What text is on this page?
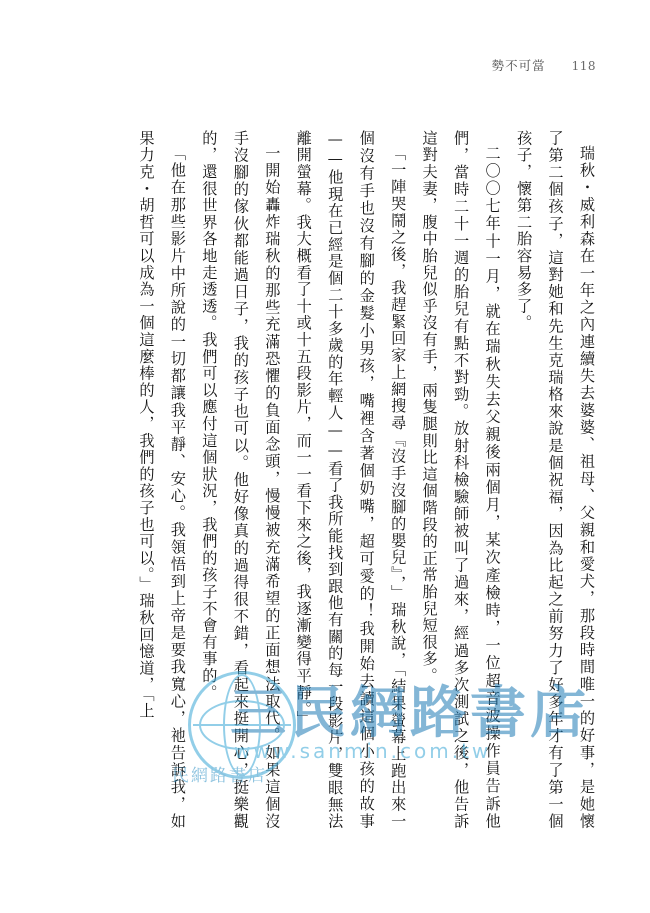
勢不可當 118

瑞秋・威利森在一年之內連續失去婆婆、祖母、父親和愛犬，那段時間唯一的好事，是她懷了第二個孩子，這對她和先生克瑞格來說是個祝福，因為比起之前努力了好多年才有了第一個孩子，懷第二胎容易多了。

二〇〇七年十一月，就在瑞秋失去父親後兩個月，某次產檢時，一位超音波操作員告訴他們，當時二十一週的胎兒有點不對勁。放射科檢驗師被叫了過來，經過多次測試之後，他告訴這對夫妻，腹中胎兒似乎沒有手，兩隻腿則比這個階段的正常胎兒短很多。

「一陣哭鬧之後，我趕緊回家上網搜尋『沒手沒腳的嬰兒』，」瑞秋說，「結果螢幕上跑出來一個沒有手也沒有腳的金髮小男孩，嘴裡含著個奶嘴，超可愛的！我開始去讀這個小孩的故事——他現在已經是個二十多歲的年輕人——看了我所能找到跟他有關的每一段影片，雙眼無法離開螢幕。我大概看了十或十五段影片，而一一看下來之後，我逐漸變得平靜。」

一開始轟炸瑞秋的那些充滿恐懼的負面念頭，慢慢被充滿希望的正面想法取代。如果這個沒手沒腳的傢伙都能過日子，我的孩子也可以。他好像真的過得很不錯，看起來挺開心，挺樂觀的，還很世界各地走透透。我們可以應付這個狀況，我們的孩子不會有事的。

「他在那些影片中所說的一切都讓我平靜、安心。我領悟到上帝是要我寬心，祂告訴我，如果力克・胡哲可以成為一個這麼棒的人，我們的孩子也可以。」瑞秋回憶道，「上	三民網路書店
www.sanmin.com.tw
民網路書店
